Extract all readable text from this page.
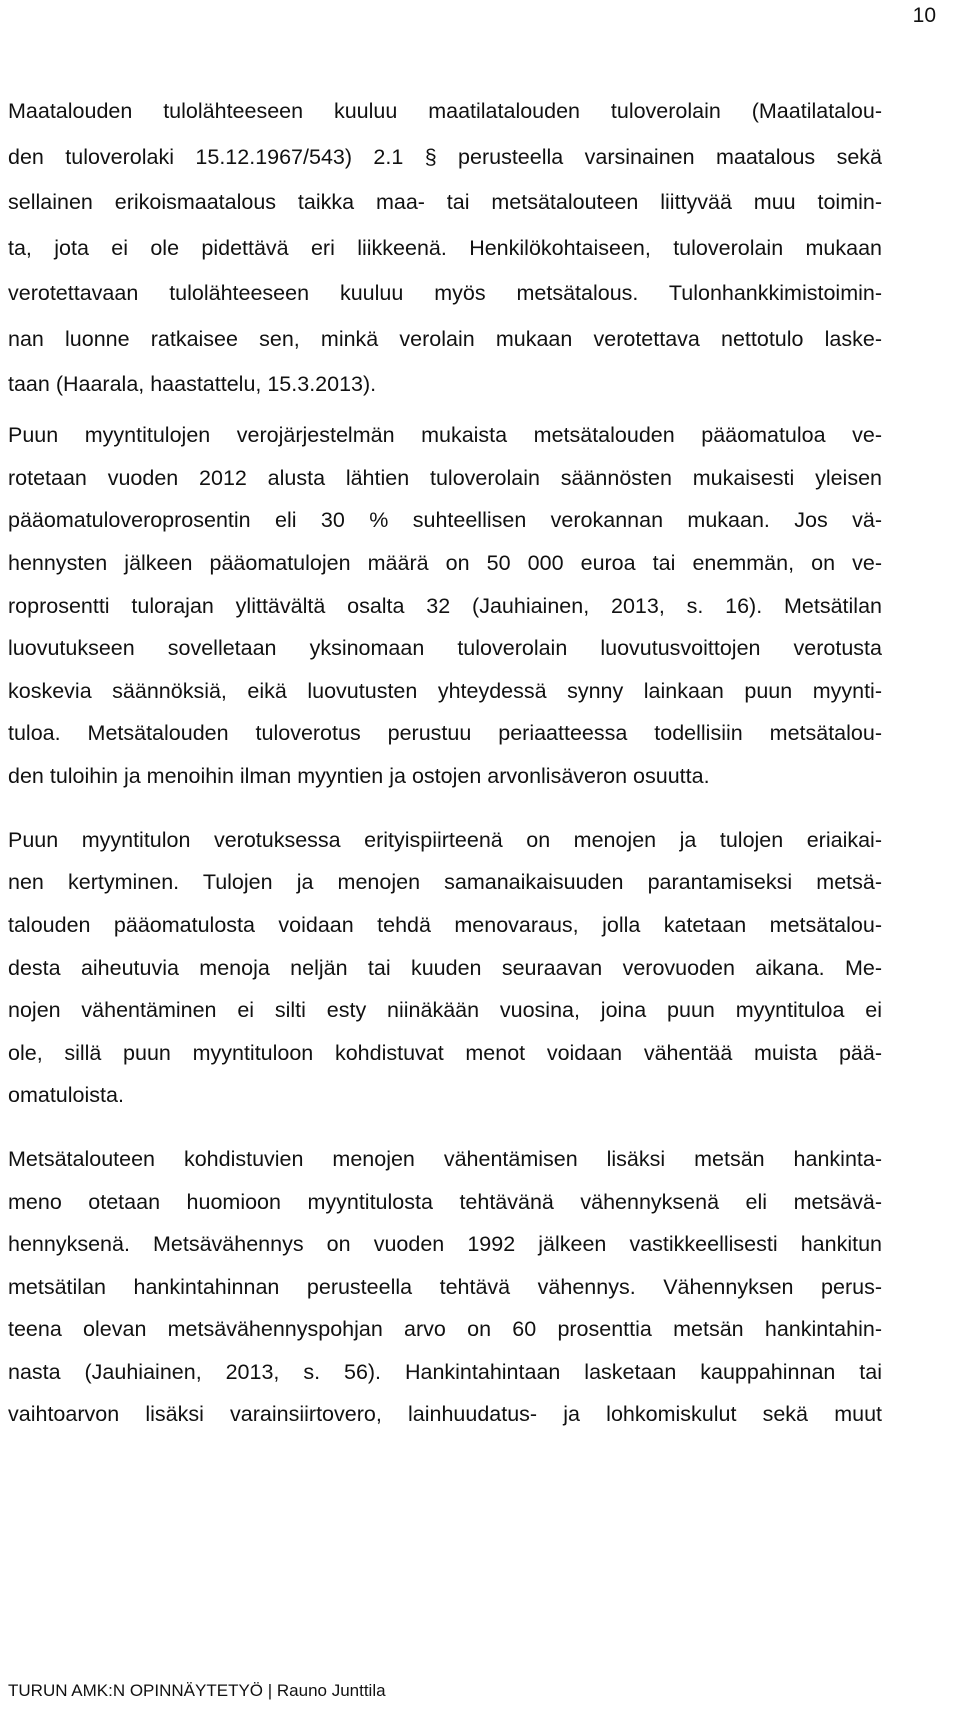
10

Maatalouden tulolähteeseen kuuluu maatilatalouden tuloverolain (Maatilatalou-

den tuloverolaki 15.12.1967/543) 2.1 § perusteella varsinainen maatalous sekä

sellainen erikoismaatalous taikka maa- tai metsätalouteen liittyvää muu toimin-

ta, jota ei ole pidettävä eri liikkeenä. Henkilökohtaiseen, tuloverolain mukaan

verotettavaan tulolähteeseen kuuluu myös metsätalous. Tulonhankkimistoimin-

nan luonne ratkaisee sen, minkä verolain mukaan verotettava nettotulo laske-

taan (Haarala, haastattelu, 15.3.2013).

Puun myyntitulojen verojärjestelmän mukaista metsätalouden pääomatuloa ve-

rotetaan vuoden 2012 alusta lähtien tuloverolain säännösten mukaisesti yleisen

pääomatuloveroprosentin eli 30 % suhteellisen verokannan mukaan. Jos vä-

hennysten jälkeen pääomatulojen määrä on 50 000 euroa tai enemmän, on ve-

roprosentti tulorajan ylittävältä osalta 32 (Jauhiainen, 2013, s. 16). Metsätilan

luovutukseen sovelletaan yksinomaan tuloverolain luovutusvoittojen verotusta

koskevia säännöksiä, eikä luovutusten yhteydessä synny lainkaan puun myynti-

tuloa. Metsätalouden tuloverotus perustuu periaatteessa todellisiin metsätalou-

den tuloihin ja menoihin ilman myyntien ja ostojen arvonlisäveron osuutta.

Puun myyntitulon verotuksessa erityispiirteenä on menojen ja tulojen eriaikai-

nen kertyminen. Tulojen ja menojen samanaikaisuuden parantamiseksi metsä-

talouden pääomatulosta voidaan tehdä menovaraus, jolla katetaan metsätalou-

desta aiheutuvia menoja neljän tai kuuden seuraavan verovuoden aikana. Me-

nojen vähentäminen ei silti esty niinäkään vuosina, joina puun myyntituloa ei

ole, sillä puun myyntituloon kohdistuvat menot voidaan vähentää muista pää-

omatuloista.

Metsätalouteen kohdistuvien menojen vähentämisen lisäksi metsän hankinta-

meno otetaan huomioon myyntitulosta tehtävänä vähennyksenä eli metsävä-

hennyksenä. Metsävähennys on vuoden 1992 jälkeen vastikkeellisesti hankitun

metsätilan hankintahinnan perusteella tehtävä vähennys. Vähennyksen perus-

teena olevan metsävähennyspohjan arvo on 60 prosenttia metsän hankintahin-

nasta (Jauhiainen, 2013, s. 56). Hankintahintaan lasketaan kauppahinnan tai

vaihtoarvon lisäksi varainsiirtovero, lainhuudatus- ja lohkomiskulut sekä muut

TURUN AMK:N OPINNÄYTETYÖ | Rauno Junttila
